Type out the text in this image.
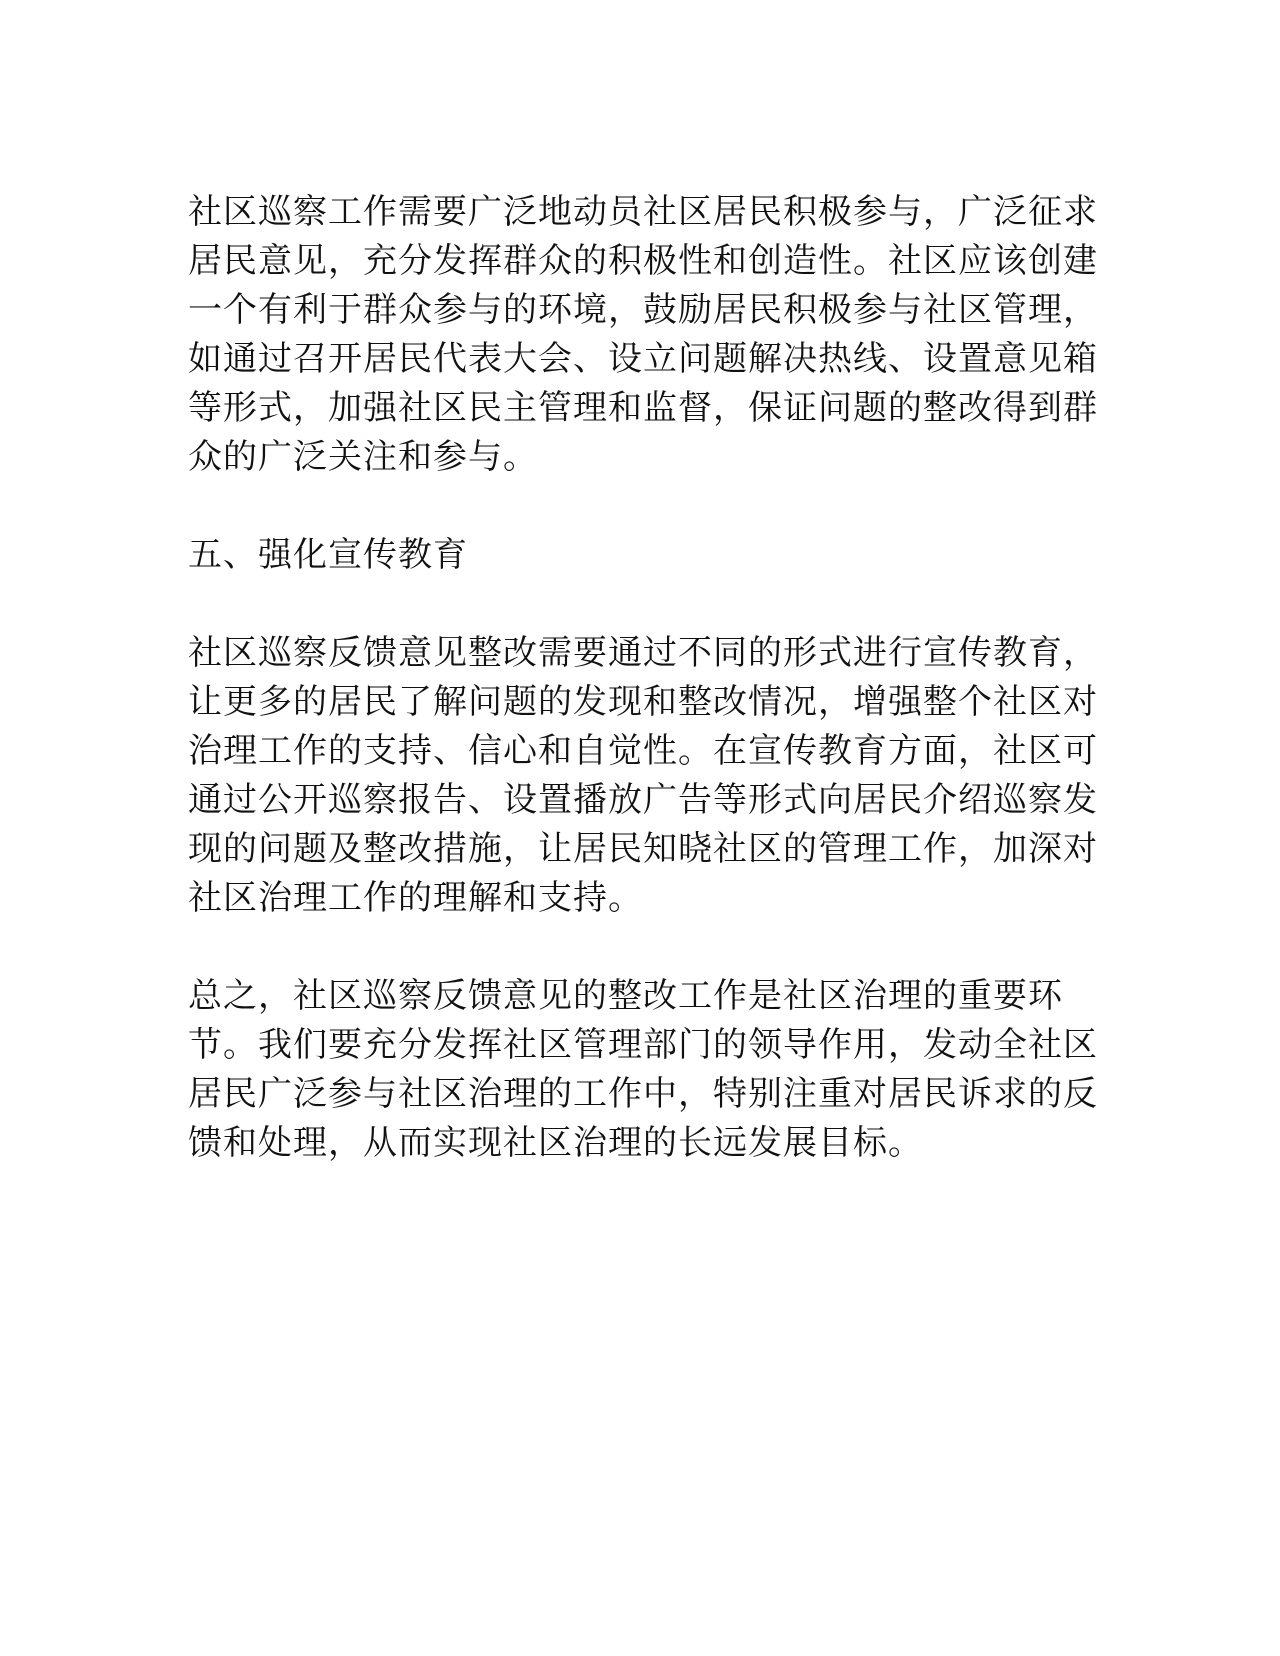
社区巡察工作需要广泛地动员社区居民积极参与，广泛征求居民意见，充分发挥群众的积极性和创造性。社区应该创建一个有利于群众参与的环境，鼓励居民积极参与社区管理，如通过召开居民代表大会、设立问题解决热线、设置意见箱等形式，加强社区民主管理和监督，保证问题的整改得到群众的广泛关注和参与。

五、强化宣传教育

社区巡察反馈意见整改需要通过不同的形式进行宣传教育，让更多的居民了解问题的发现和整改情况，增强整个社区对治理工作的支持、信心和自觉性。在宣传教育方面，社区可通过公开巡察报告、设置播放广告等形式向居民介绍巡察发现的问题及整改措施，让居民知晓社区的管理工作，加深对社区治理工作的理解和支持。

总之，社区巡察反馈意见的整改工作是社区治理的重要环节。我们要充分发挥社区管理部门的领导作用，发动全社区居民广泛参与社区治理的工作中，特别注重对居民诉求的反馈和处理，从而实现社区治理的长远发展目标。
